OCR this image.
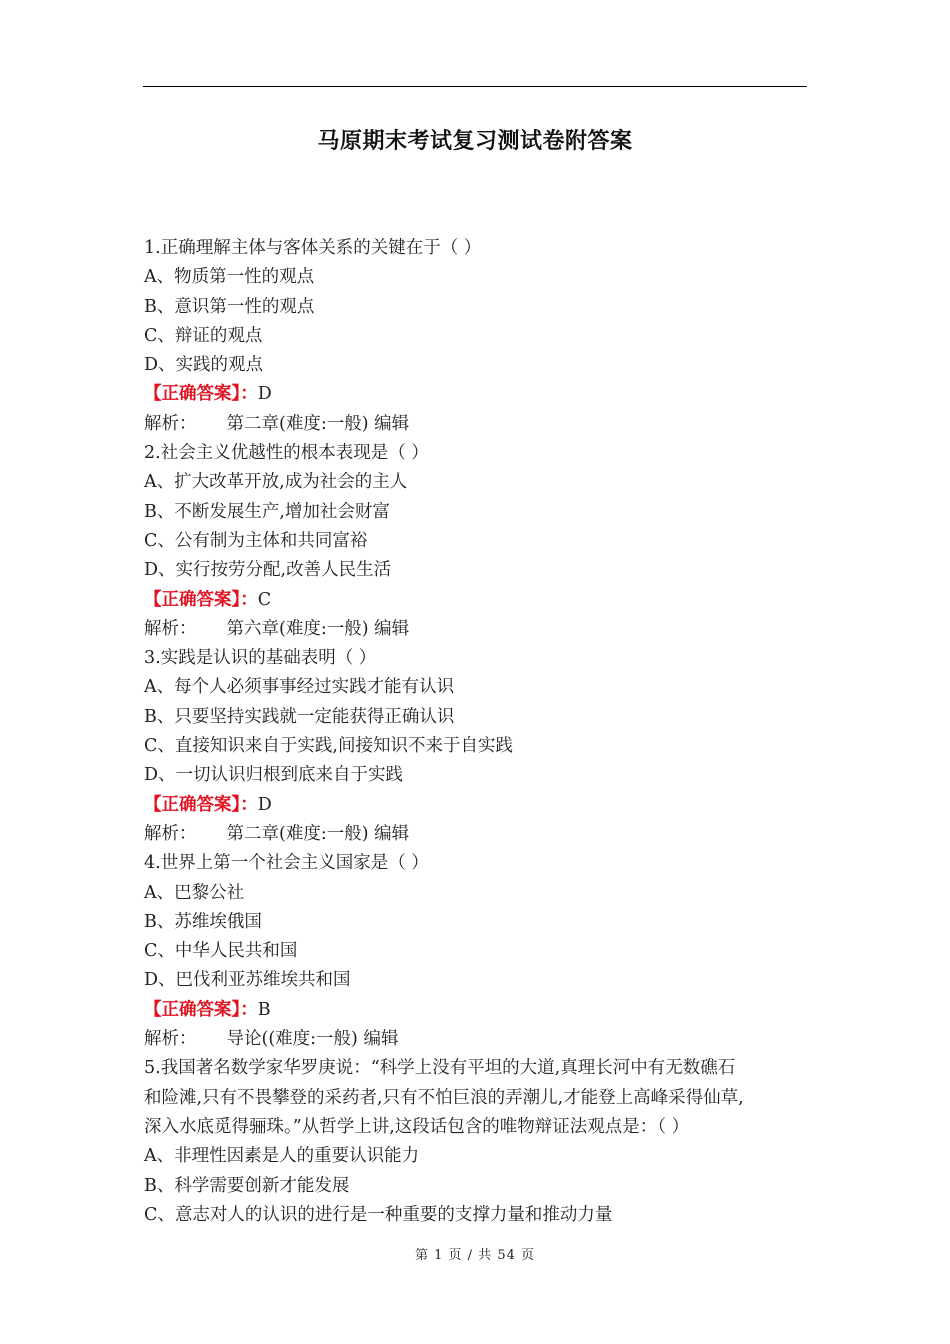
马原期末考试复习测试卷附答案
1.正确理解主体与客体关系的关键在于（ ）
A、物质第一性的观点
B、意识第一性的观点
C、辩证的观点
D、实践的观点
【正确答案】：D
解析： 第二章(难度:一般) 编辑
2.社会主义优越性的根本表现是（ ）
A、扩大改革开放,成为社会的主人
B、不断发展生产,增加社会财富
C、公有制为主体和共同富裕
D、实行按劳分配,改善人民生活
【正确答案】：C
解析： 第六章(难度:一般) 编辑
3.实践是认识的基础表明（ ）
A、每个人必须事事经过实践才能有认识
B、只要坚持实践就一定能获得正确认识
C、直接知识来自于实践,间接知识不来于自实践
D、一切认识归根到底来自于实践
【正确答案】：D
解析： 第二章(难度:一般) 编辑
4.世界上第一个社会主义国家是（ ）
A、巴黎公社
B、苏维埃俄国
C、中华人民共和国
D、巴伐利亚苏维埃共和国
【正确答案】：B
解析： 导论((难度:一般) 编辑
5.我国著名数学家华罗庚说：“科学上没有平坦的大道,真理长河中有无数礁石
和险滩,只有不畏攀登的采药者,只有不怕巨浪的弄潮儿,才能登上高峰采得仙草,
深入水底觅得骊珠。”从哲学上讲,这段话包含的唯物辩证法观点是：（ ）
A、非理性因素是人的重要认识能力
B、科学需要创新才能发展
C、意志对人的认识的进行是一种重要的支撑力量和推动力量
第 1 页 / 共 54 页
